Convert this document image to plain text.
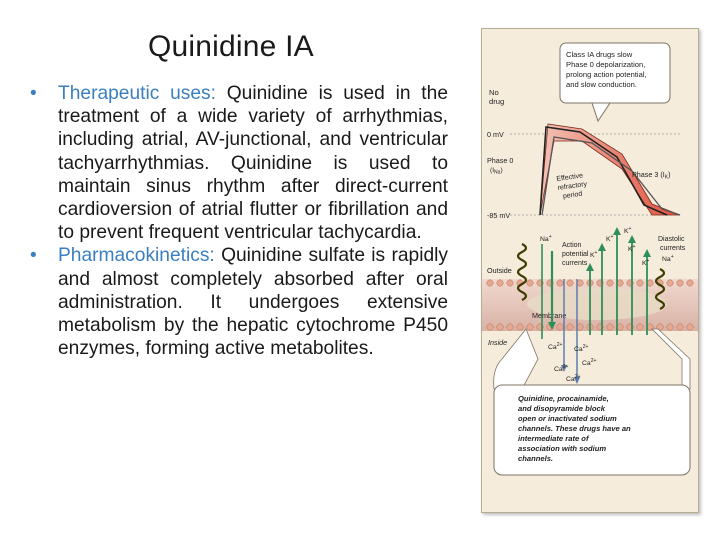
Quinidine IA
•	Therapeutic uses: Quinidine is used in the treatment of a wide variety of arrhythmias, including atrial, AV-junctional, and ventricular tachyarrhythmias. Quinidine is used to maintain sinus rhythm after direct-current cardioversion of atrial flutter or fibrillation and to prevent frequent ventricular tachycardia.
•	Pharmacokinetics: Quinidine sulfate is rapidly and almost completely absorbed after oral administration. It undergoes extensive metabolism by the hepatic cytochrome P450 enzymes, forming active metabolites.
Class IA drugs slow
Phase 0 depolarization,
prolong action potential,
and slow conduction.
No
drug
0 mV
Phase 0
$(I_{Na})$
-85 mV
Phase 3 $(I_K)$
Effective
refractory
period
Outside
Membrane
Inside
Na+	K+
K+
K+
K+
K+
Na+
$Ca^{2+}$
$Ca^{2+}$
$Ca^{2+}$
$Ca^{2+}$
$Ca^{2+}$
Action
potential
currents
Diastolic
currents
Quinidine, procainamide,
and disopyramide block
open or inactivated sodium
channels. These drugs have an
intermediate rate of
association with sodium
channels.
